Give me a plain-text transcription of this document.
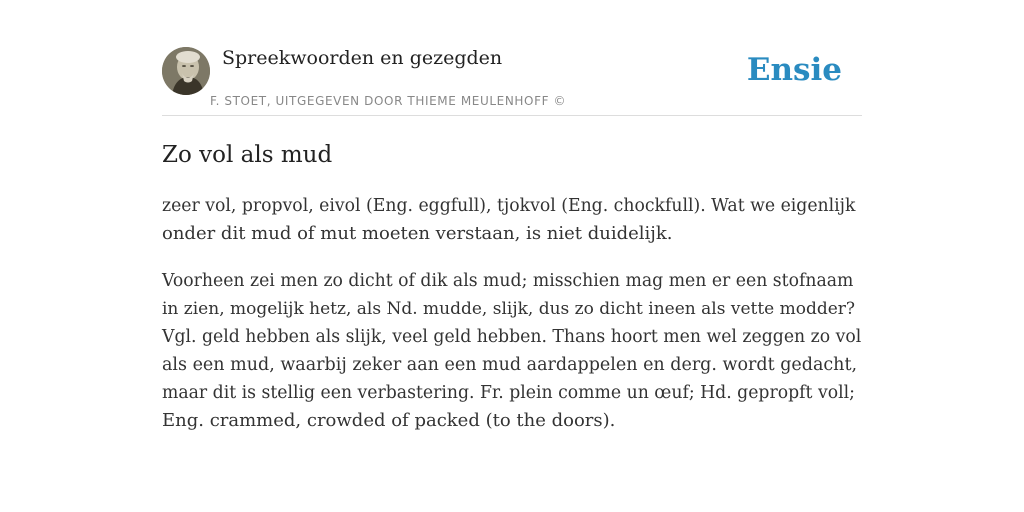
Spreekwoorden en gezegden
F. STOET, UITGEGEVEN DOOR THIEME MEULENHOFF ©
Ensie
Zo vol als mud

zeer vol, propvol, eivol (Eng. eggfull), tjokvol (Eng. chockfull). Wat we eigenlijk
onder dit mud of mut moeten verstaan, is niet duidelijk.

Voorheen zei men zo dicht of dik als mud; misschien mag men er een stofnaam
in zien, mogelijk hetz, als Nd. mudde, slijk, dus zo dicht ineen als vette modder?
Vgl. geld hebben als slijk, veel geld hebben. Thans hoort men wel zeggen zo vol
als een mud, waarbij zeker aan een mud aardappelen en derg. wordt gedacht,
maar dit is stellig een verbastering. Fr. plein comme un œuf; Hd. gepropft voll;
Eng. crammed, crowded of packed (to the doors).
